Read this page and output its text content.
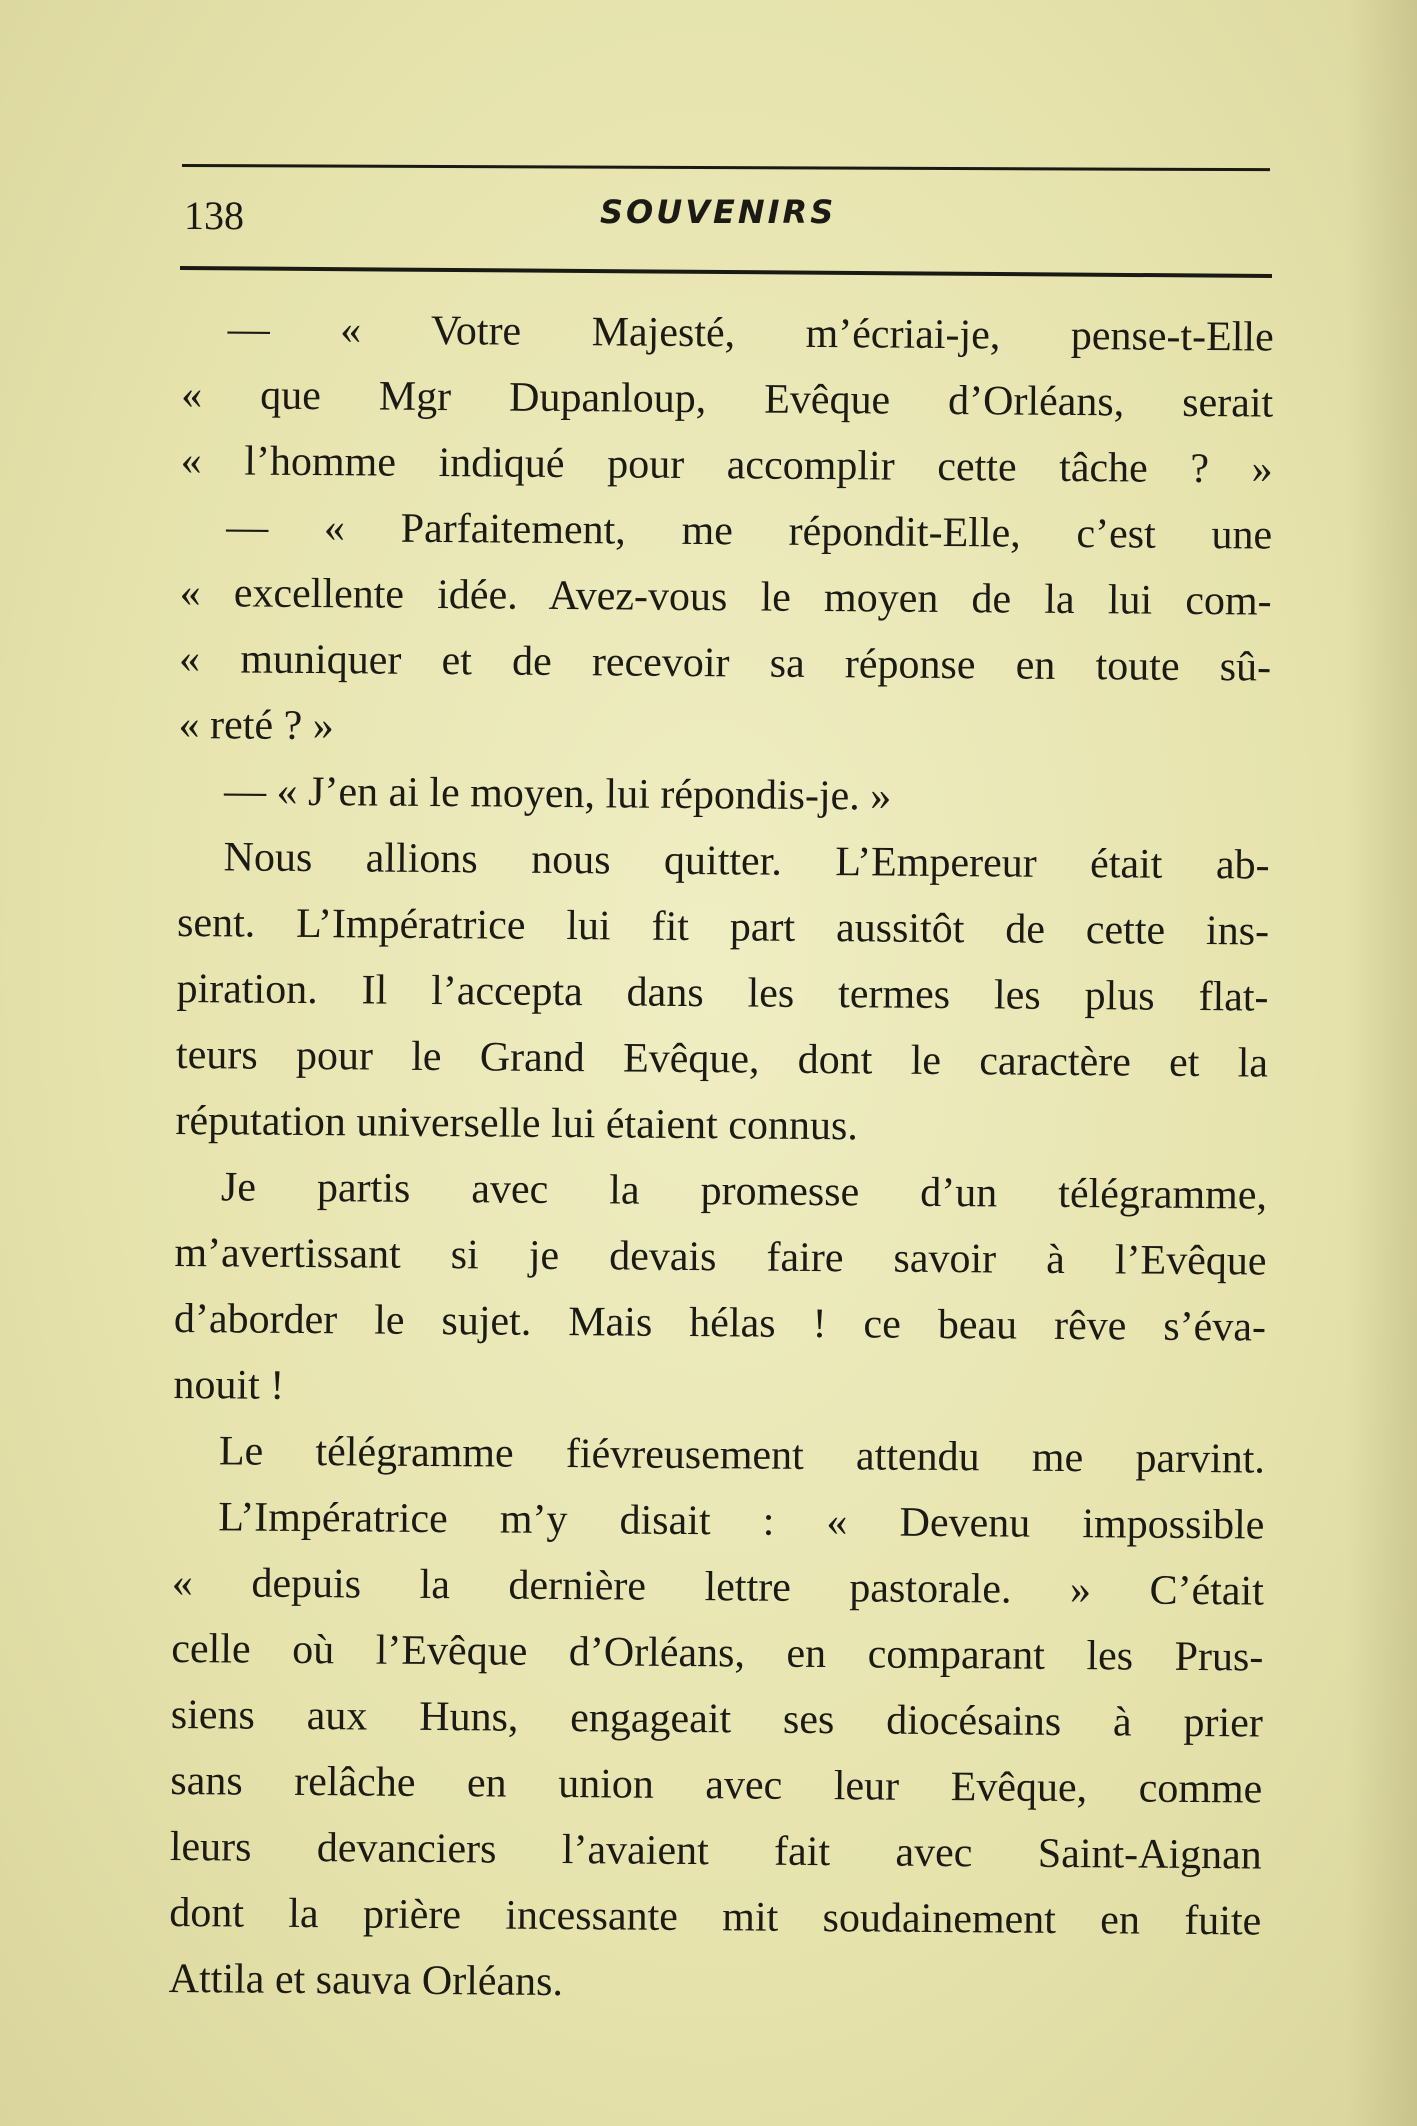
138	SOUVENIRS
— « Votre Majesté, m’écriai-je, pense-t-Elle
« que Mgr Dupanloup, Evêque d’Orléans, serait
« l’homme indiqué pour accomplir cette tâche ? »
— « Parfaitement, me répondit-Elle, c’est une
« excellente idée. Avez-vous le moyen de la lui com-
« muniquer et de recevoir sa réponse en toute sû-
« reté ? »
— « J’en ai le moyen, lui répondis-je. »
Nous allions nous quitter. L’Empereur était ab-
sent. L’Impératrice lui fit part aussitôt de cette ins-
piration. Il l’accepta dans les termes les plus flat-
teurs pour le Grand Evêque, dont le caractère et la
réputation universelle lui étaient connus.
Je partis avec la promesse d’un télégramme,
m’avertissant si je devais faire savoir à l’Evêque
d’aborder le sujet. Mais hélas ! ce beau rêve s’éva-
nouit !
Le télégramme fiévreusement attendu me parvint.
L’Impératrice m’y disait : « Devenu impossible
« depuis la dernière lettre pastorale. » C’était
celle où l’Evêque d’Orléans, en comparant les Prus-
siens aux Huns, engageait ses diocésains à prier
sans relâche en union avec leur Evêque, comme
leurs devanciers l’avaient fait avec Saint-Aignan
dont la prière incessante mit soudainement en fuite
Attila et sauva Orléans.
